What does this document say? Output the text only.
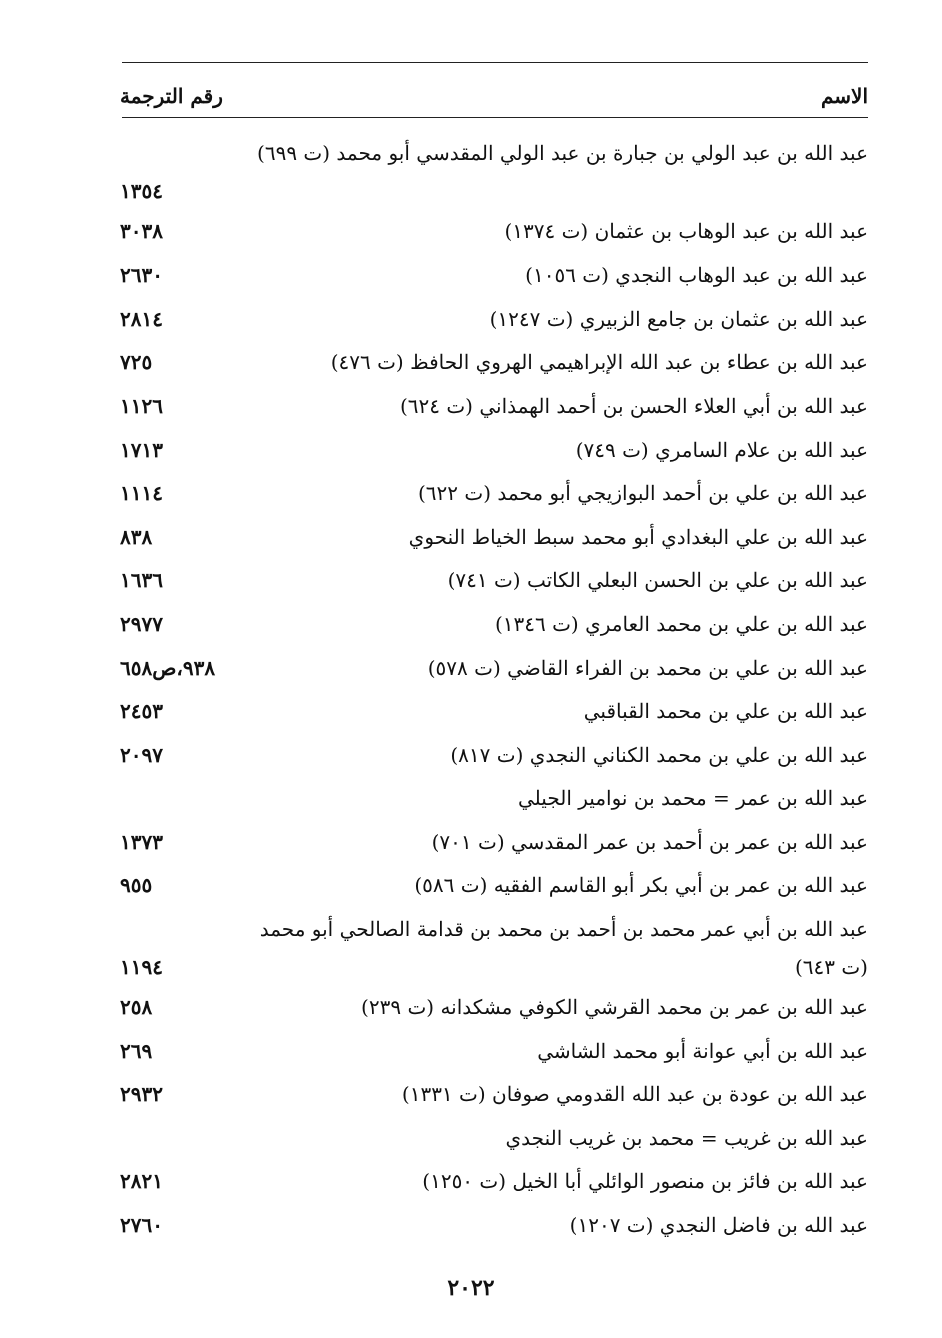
الاسم
رقم الترجمة
عبد الله بن عبد الولي بن جبارة بن عبد الولي المقدسي أبو محمد (ت ٦٩٩)
١٣٥٤
عبد الله بن عبد الوهاب بن عثمان (ت ١٣٧٤)
٣٠٣٨
عبد الله بن عبد الوهاب النجدي (ت ١٠٥٦)
٢٦٣٠
عبد الله بن عثمان بن جامع الزبيري (ت ١٢٤٧)
٢٨١٤
عبد الله بن عطاء بن عبد الله الإبراهيمي الهروي الحافظ (ت ٤٧٦)
٧٢٥
عبد الله بن أبي العلاء الحسن بن أحمد الهمذاني (ت ٦٢٤)
١١٢٦
عبد الله بن علام السامري (ت ٧٤٩)
١٧١٣
عبد الله بن علي بن أحمد البوازيجي أبو محمد (ت ٦٢٢)
١١١٤
عبد الله بن علي البغدادي أبو محمد سبط الخياط النحوي
٨٣٨
عبد الله بن علي بن الحسن البعلي الكاتب (ت ٧٤١)
١٦٣٦
عبد الله بن علي بن محمد العامري (ت ١٣٤٦)
٢٩٧٧
عبد الله بن علي بن محمد بن الفراء القاضي (ت ٥٧٨)
٩٣٨،ص٦٥٨
عبد الله بن علي بن محمد القباقبي
٢٤٥٣
عبد الله بن علي بن محمد الكناني النجدي (ت ٨١٧)
٢٠٩٧
عبد الله بن عمر = محمد بن نوامير الجيلي
عبد الله بن عمر بن أحمد بن عمر المقدسي (ت ٧٠١)
١٣٧٣
عبد الله بن عمر بن أبي بكر أبو القاسم الفقيه (ت ٥٨٦)
٩٥٥
عبد الله بن أبي عمر محمد بن أحمد بن محمد بن قدامة الصالحي أبو محمد (ت ٦٤٣)
١١٩٤
عبد الله بن عمر بن محمد القرشي الكوفي مشكدانه (ت ٢٣٩)
٢٥٨
عبد الله بن أبي عوانة أبو محمد الشاشي
٢٦٩
عبد الله بن عودة بن عبد الله القدومي صوفان (ت ١٣٣١)
٢٩٣٢
عبد الله بن غريب = محمد بن غريب النجدي
عبد الله بن فائز بن منصور الوائلي أبا الخيل (ت ١٢٥٠)
٢٨٢١
عبد الله بن فاضل النجدي (ت ١٢٠٧)
٢٧٦٠
٢٠٢٢
